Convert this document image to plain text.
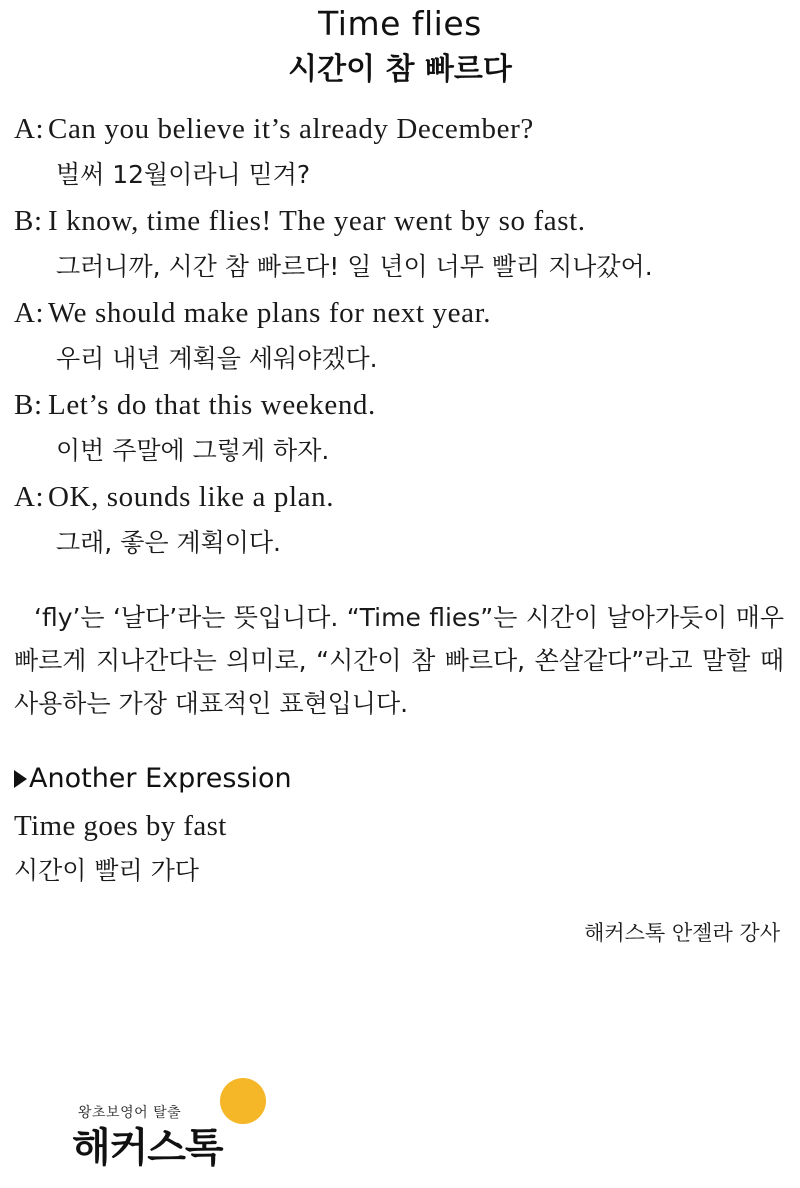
Time flies
시간이 참 빠르다
A: Can you believe it’s already December?
벌써 12월이라니 믿겨?
B: I know, time flies! The year went by so fast.
그러니까, 시간 참 빠르다! 일 년이 너무 빨리 지나갔어.
A: We should make plans for next year.
우리 내년 계획을 세워야겠다.
B: Let’s do that this weekend.
이번 주말에 그렇게 하자.
A: OK, sounds like a plan.
그래, 좋은 계획이다.
‘fly’는 ‘날다’라는 뜻입니다. “Time flies”는 시간이 날아가듯이 매우 빠르게 지나간다는 의미로, “시간이 참 빠르다, 쏜살같다”라고 말할 때 사용하는 가장 대표적인 표현입니다.
Another Expression
Time goes by fast
시간이 빨리 가다
해커스톡 안젤라 강사
왕초보영어 탈출
해커스톡
